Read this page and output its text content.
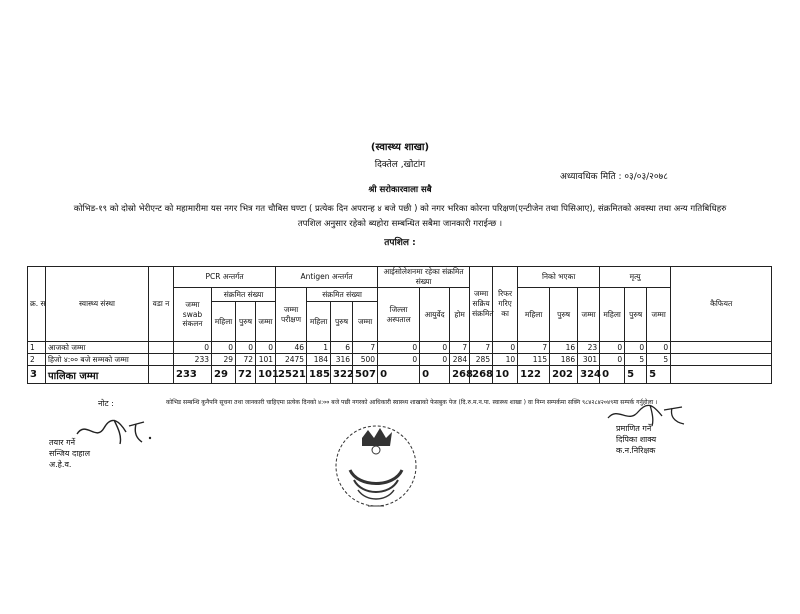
(स्वास्थ्य शाखा)
दिक्तेल ,खोटांग
अध्यावधिक मिति : ०३/०३/२०७८
श्री सरोकारवाला सबै
कोभिड-१९ को दोस्रो भेरीएन्ट को महामारीमा यस नगर भित्र गत चौबिस घण्टा ( प्रत्येक दिन अपरान्ह ४ बजे पछी ) को नगर भरिका कोरना परिक्षण(एन्टीजेन तथा पिसिआए), संक्रमितको अवस्था तथा अन्य गतिबिधिहरु
तपशिल अनुसार रहेको ब्यहोरा सम्बन्धित सबैमा जानकारी गराईन्छ ।
तपशिल :
क्र. स	स्वास्थ्य संस्था	वडा न	PCR अन्तर्गत				Antigen अन्तर्गत				आईसोलेशनमा रहेका संक्रमित संख्या			जम्मा सक्रिय संक्रमित	रिफर गरिए का	निको भएका			मृत्यु			कैफियत
			जम्मा swab संकलन	संक्रमित संख्या			जम्मा परीक्षण	संक्रमित संख्या			जिल्ला अस्पताल	आयुर्वेद	होम			महिला	पुरुष	जम्मा	महिला	पुरुष	जम्मा	
				महिला	पुरुष	जम्मा		महिला	पुरुष	जम्मा												
1	आजको जम्मा		0	0	0	0	46	1	6	7	0	0	7	7	0	7	16	23	0	0	0	
2	हिजो ४:०० बजे सम्मको जम्मा		233	29	72	101	2475	184	316	500	0	0	284	285	10	115	186	301	0	5	5	
3	पालिका जम्मा		233	29	72	101	2521	185	322	507	0	0	268	268	10	122	202	324	0	5	5	
नोट :	कोभिड सम्बन्धि कुनैपनि सूचना तथा जानकारी चाहिएमा प्रत्येक दिनको ४:०० बजे पछी नगरको आधिकारी स्वास्थ्य शाखाको फेसबुक पेज (दि.रु.म.न.पा. स्वास्थ्य शाखा ) वा निम्न सम्पर्कमा सक्नि ९८४२८४२०४९मा सम्पर्क गर्नुहोला ।
तयार गर्ने
सन्जिय दाहाल
अ.हे.व.
प्रमाणित गर्ने
दिपिका शाक्य
क.न.निरिक्षक
